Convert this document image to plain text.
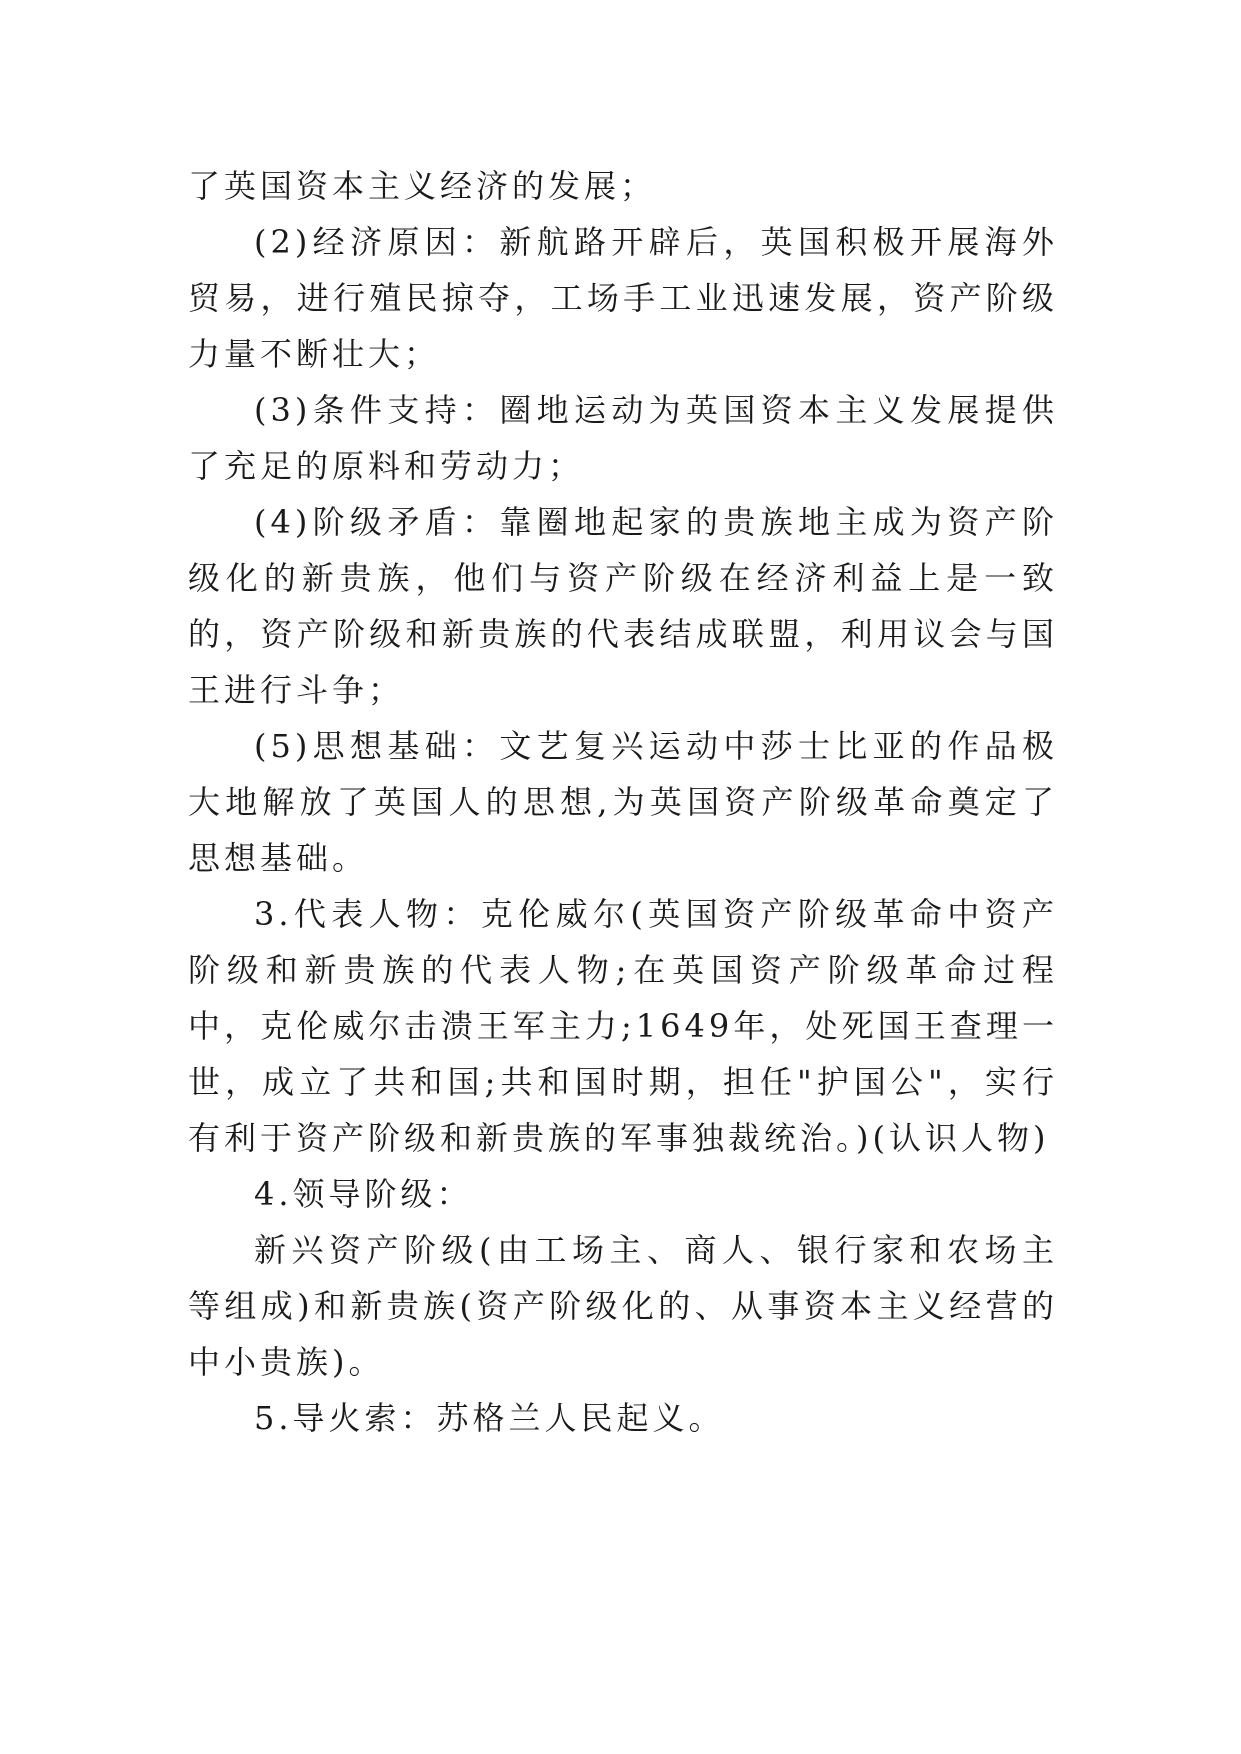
了英国资本主义经济的发展；

(2)经济原因：新航路开辟后，英国积极开展海外贸易，进行殖民掠夺，工场手工业迅速发展，资产阶级力量不断壮大；

(3)条件支持：圈地运动为英国资本主义发展提供了充足的原料和劳动力；

(4)阶级矛盾：靠圈地起家的贵族地主成为资产阶级化的新贵族，他们与资产阶级在经济利益上是一致的，资产阶级和新贵族的代表结成联盟，利用议会与国王进行斗争；

(5)思想基础：文艺复兴运动中莎士比亚的作品极大地解放了英国人的思想,为英国资产阶级革命奠定了思想基础。

3.代表人物：克伦威尔(英国资产阶级革命中资产阶级和新贵族的代表人物;在英国资产阶级革命过程中，克伦威尔击溃王军主力;1649年，处死国王查理一世，成立了共和国;共和国时期，担任"护国公"，实行有利于资产阶级和新贵族的军事独裁统治。)(认识人物)

4.领导阶级：

新兴资产阶级(由工场主、商人、银行家和农场主等组成)和新贵族(资产阶级化的、从事资本主义经营的中小贵族)。

5.导火索：苏格兰人民起义。
